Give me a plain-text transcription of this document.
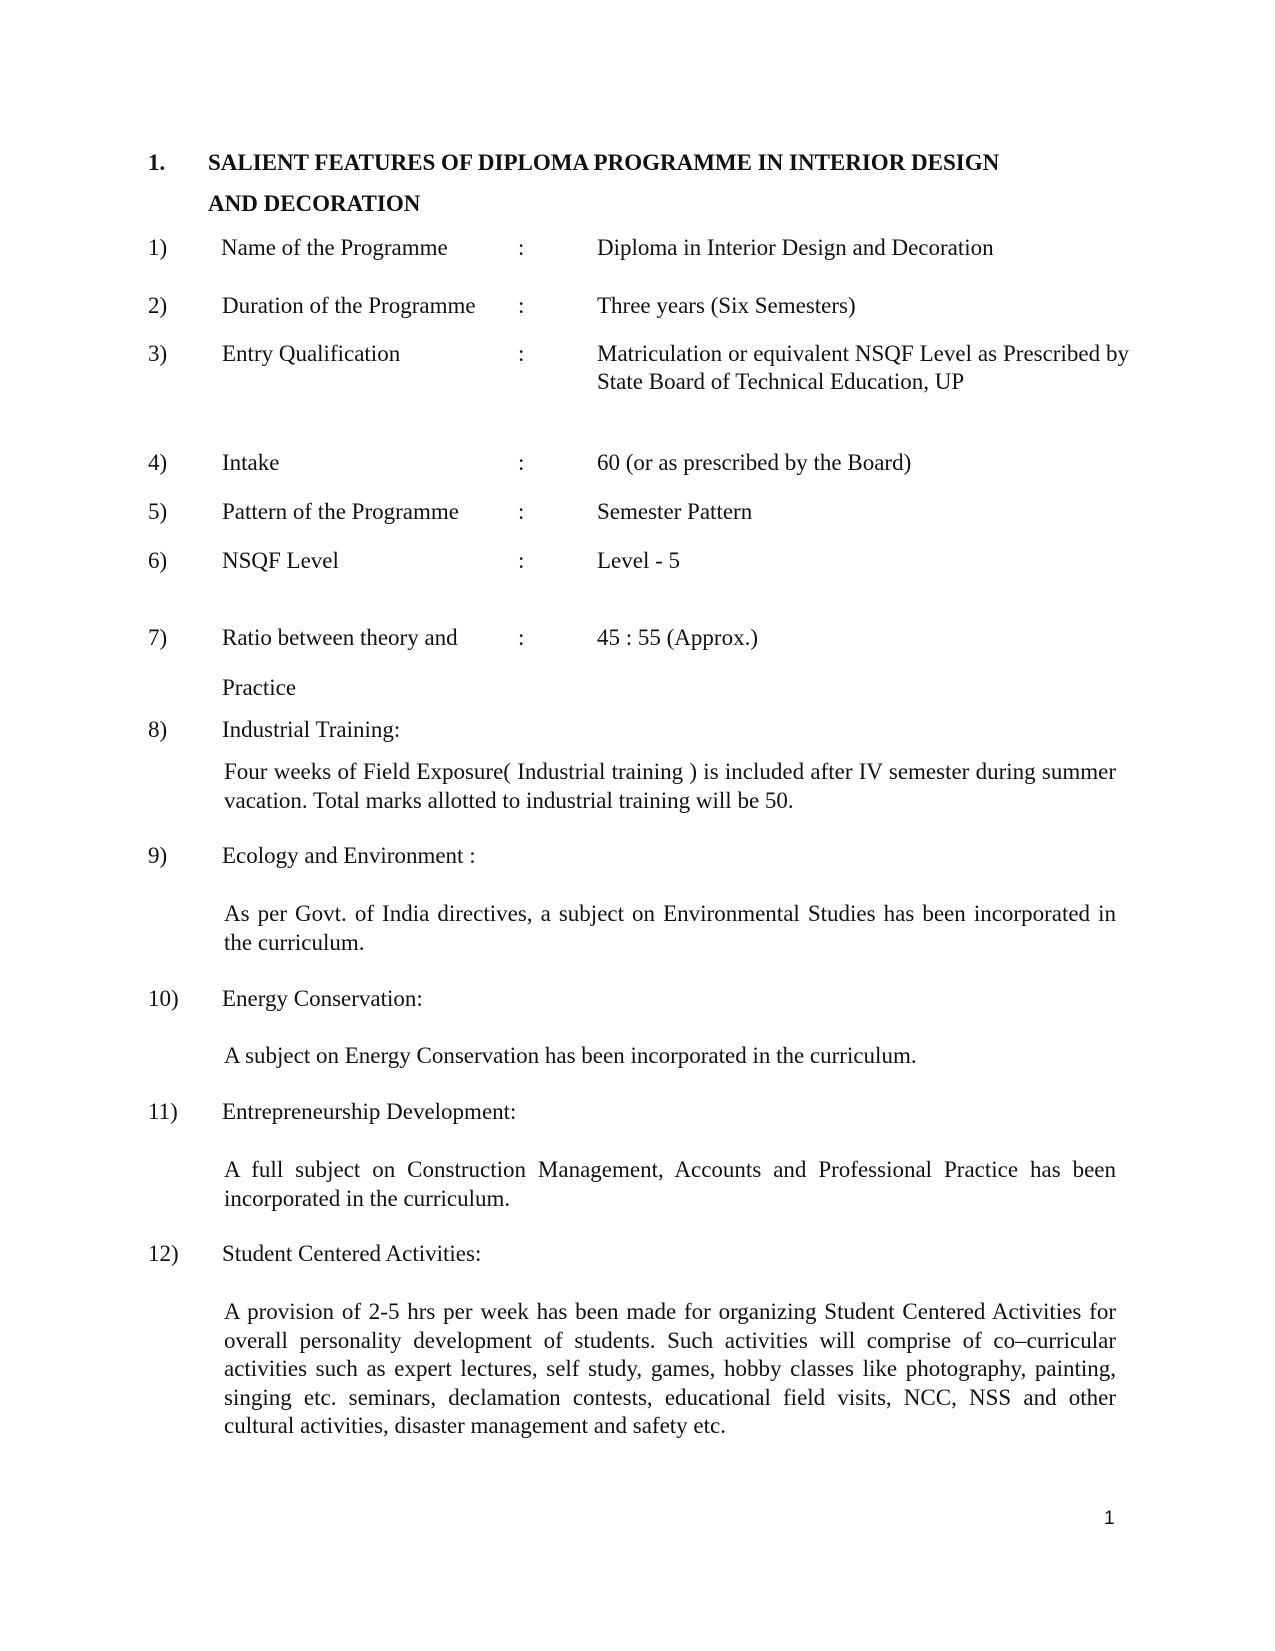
1. SALIENT FEATURES OF DIPLOMA PROGRAMME IN INTERIOR DESIGN
AND DECORATION
1) Name of the Programme	:	Diploma in Interior Design and Decoration
2) Duration of the Programme :	Three years (Six Semesters)
3) Entry Qualification	:	Matriculation or equivalent NSQF Level as Prescribed by State Board of Technical Education, UP
4) Intake	:	60 (or as prescribed by the Board)
5) Pattern of the Programme	:	Semester Pattern
6) NSQF Level	:	Level - 5
7) Ratio between theory and	:	45 : 55 (Approx.)
Practice
8) Industrial Training:
Four weeks of Field Exposure( Industrial training ) is included after IV semester during summer vacation. Total marks allotted to industrial training will be 50.
9) Ecology and Environment :
As per Govt. of India directives, a subject on Environmental Studies has been incorporated in the curriculum.
10) Energy Conservation:
A subject on Energy Conservation has been incorporated in the curriculum.
11) Entrepreneurship Development:
A full subject on Construction Management, Accounts and Professional Practice has been incorporated in the curriculum.
12) Student Centered Activities:
A provision of 2-5 hrs per week has been made for organizing Student Centered Activities for overall personality development of students. Such activities will comprise of co–curricular activities such as expert lectures, self study, games, hobby classes like photography, painting, singing etc. seminars, declamation contests, educational field visits, NCC, NSS and other cultural activities, disaster management and safety etc.
1
